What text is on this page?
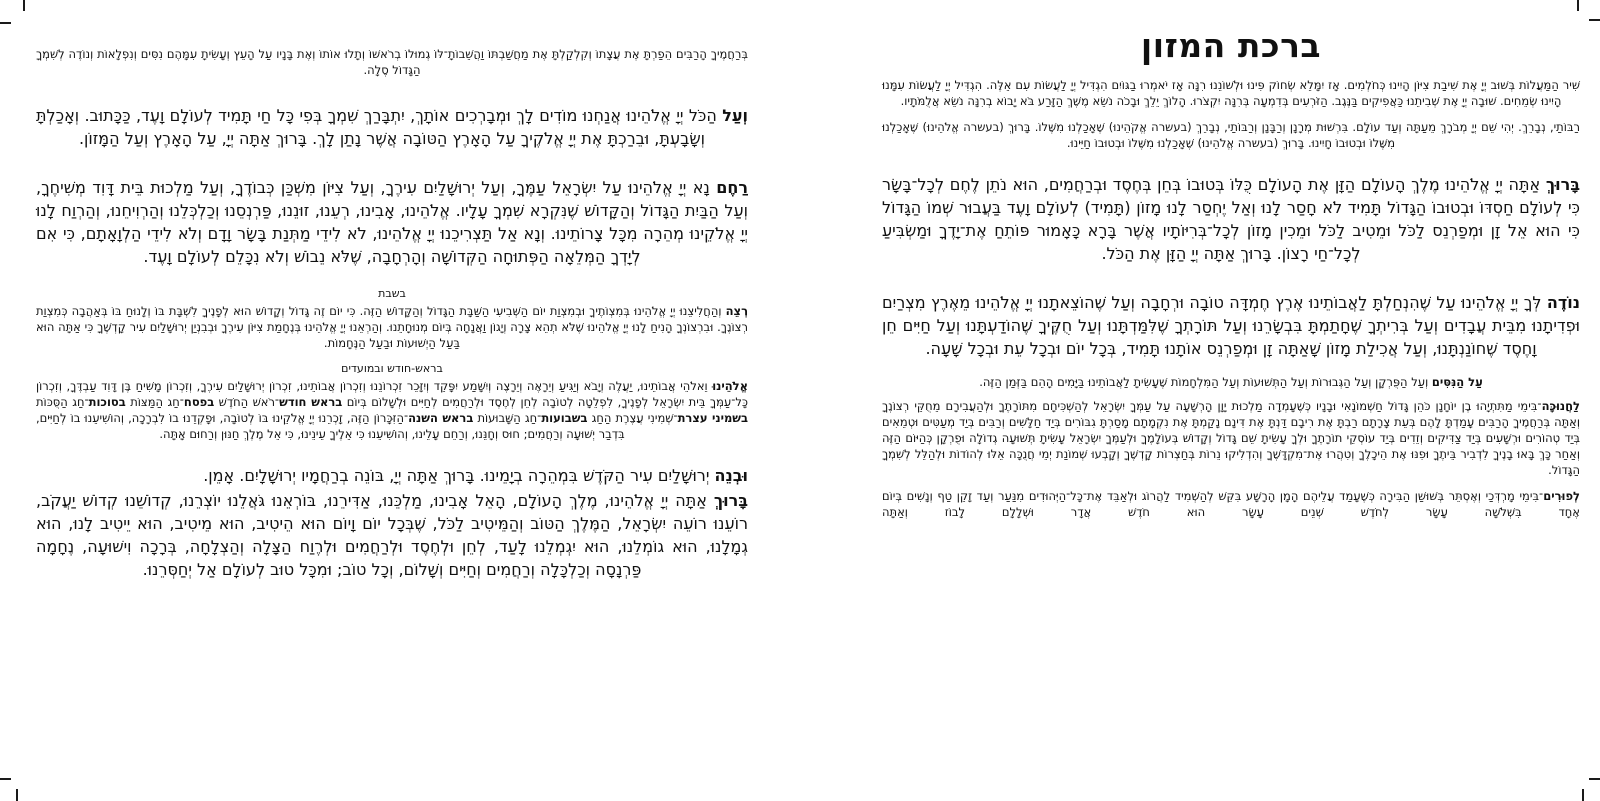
ברכת המזון

שִׁיר הַמַּעֲלוֹת בְּשׁוּב יְיָ אֶת שִׁיבַת צִיּוֹן הָיִינוּ כְּחֹלְמִים. אָז יִמָּלֵא שְׂחוֹק פִּינוּ וּלְשׁוֹנֵנוּ רִנָּה אָז יֹאמְרוּ בַגּוֹיִם הִגְדִּיל יְיָ לַעֲשׂוֹת עִם אֵלֶּה. הִגְדִּיל יְיָ לַעֲשׂוֹת עִמָּנוּ הָיִינוּ שְׂמֵחִים. שׁוּבָה יְיָ אֶת שְׁבִיתֵנוּ כַּאֲפִיקִים בַּנֶּגֶב. הַזֹּרְעִים בְּדִמְעָה בְּרִנָּה יִקְצֹרוּ. הָלוֹךְ יֵלֵךְ וּבָכֹה נֹשֵׂא מֶשֶׁךְ הַזָּרַע בֹּא יָבוֹא בְרִנָּה נֹשֵׂא אֲלֻמֹּתָיו.

רַבּוֹתַי, נְבָרֵךְ. יְהִי שֵׁם יְיָ מְבֹרָךְ מֵעַתָּה וְעַד עוֹלָם. בִּרְשׁוּת מְרָנָן וְרַבָּנָן וְרַבּוֹתַי, נְבָרֵךְ (בעשרה אֱקֹהֵינוּ) שֶׁאָכַלְנוּ מִשֶּׁלוֹ. בָּרוּךְ (בעשרה אֱלֹהֵינוּ) שֶׁאָכַלְנוּ מִשֶּׁלוֹ וּבְטוּבוֹ חָיִינוּ. בָּרוּךְ (בעשרה אֱלֹהֵינוּ) שֶׁאָכַלְנוּ מִשֶּׁלוֹ וּבְטוּבוֹ חַיֵּינוּ.

בָּרוּךְ אַתָּה יְיָ אֱלֹהֵינוּ מֶלֶךְ הָעוֹלָם הַזָּן אֶת הָעוֹלָם כֻּלּוֹ בְּטוּבוֹ בְּחֵן בְּחֶסֶד וּבְרַחֲמִים, הוּא נֹתֵן לֶחֶם לְכָל־בָּשָׂר כִּי לְעוֹלָם חַסְדּוֹ וּבְטוּבוֹ הַגָּדוֹל תָּמִיד לֹא חָסַר לָנוּ וְאַל יֶחְסַר לָנוּ מָזוֹן (תָּמִיד) לְעוֹלָם וָעֶד בַּעֲבוּר שְׁמוֹ הַגָּדוֹל כִּי הוּא אֵל זָן וּמְפַרְנֵס לַכֹּל וּמֵטִיב לַכֹּל וּמֵכִין מָזוֹן לְכָל־בְּרִיּוֹתָיו אֲשֶׁר בָּרָא כָּאָמוּר פּוֹתֵחַ אֶת־יָדֶךָ וּמַשְׂבִּיעַ לְכָל־חַי רָצוֹן. בָּרוּךְ אַתָּה יְיָ הַזָּן אֶת הַכֹּל.

נוֹדֶה לְּךָ יְיָ אֱלֹהֵינוּ עַל שֶׁהִנְחַלְתָּ לַאֲבוֹתֵינוּ אֶרֶץ חֶמְדָּה טוֹבָה וּרְחָבָה וְעַל שֶׁהוֹצֵאתָנוּ יְיָ אֱלֹהֵינוּ מֵאֶרֶץ מִצְרַיִם וּפְדִיתָנוּ מִבֵּית עֲבָדִים וְעַל בְּרִיתְךָ שֶׁחָתַמְתָּ בִּבְשָׂרֵנוּ וְעַל תּוֹרָתְךָ שֶׁלִּמַּדְתָּנוּ וְעַל חֻקֶּיךָ שֶׁהוֹדַעְתָּנוּ וְעַל חַיִּים חֵן וָחֶסֶד שֶׁחוֹנַנְתָּנוּ, וְעַל אֲכִילַת מָזוֹן שָׁאַתָּה זָן וּמְפַרְנֵס אוֹתָנוּ תָּמִיד, בְּכָל יוֹם וּבְכָל עֵת וּבְכָל שָׁעָה.

עַל הַנִּסִּים וְעַל הַפֻּרְקָן וְעַל הַגְּבוּרוֹת וְעַל הַתְּשׁוּעוֹת וְעַל הַמִּלְחָמוֹת שֶׁעָשִׂיתָ לַאֲבוֹתֵינוּ בַּיָּמִים הָהֵם בַּזְּמַן הַזֶּה.

לַחֲנוּכָּה־בִּימֵי מַתִּתְיָהוּ בֶן יוֹחָנָן כֹּהֵן גָּדוֹל חַשְׁמוֹנָאִי וּבָנָיו כְּשֶׁעָמְדָה מַלְכוּת יָוָן הָרְשָׁעָה עַל עַמְּךָ יִשְׂרָאֵל לְהַשְׁכִּיחָם מִתּוֹרָתֶךָ וּלְהַעֲבִירָם מֵחֻקֵּי רְצוֹנֶךָ וְאַתָּה בְּרַחֲמֶיךָ הָרַבִּים עָמַדְתָּ לָהֶם בְּעֵת צָרָתָם רַבְתָּ אֶת רִיבָם דַּנְתָּ אֶת דִּינָם נָקַמְתָּ אֶת נִקְמָתָם מָסַרְתָּ גִבּוֹרִים בְּיַד חַלָּשִׁים וְרַבִּים בְּיַד מְעַטִּים וּטְמֵאִים בְּיַד טְהוֹרִים וּרְשָׁעִים בְּיַד צַדִּיקִים וְזֵדִים בְּיַד עוֹסְקֵי תוֹרָתֶךָ וּלְךָ עָשִׂיתָ שֵׁם גָּדוֹל וְקָדוֹשׁ בְּעוֹלָמֶךָ וּלְעַמְּךָ יִשְׂרָאֵל עָשִׂיתָ תְּשׁוּעָה גְדוֹלָה וּפֻרְקָן כְּהַיּוֹם הַזֶּה וְאַחַר כָּךְ בָּאוּ בָנֶיךָ לִדְבִיר בֵּיתֶךָ וּפִנּוּ אֶת הֵיכָלֶךָ וְטִהֲרוּ אֶת־מִקְדָּשֶׁךָ וְהִדְלִיקוּ נֵרוֹת בְּחַצְרוֹת קָדְשֶׁךָ וְקָבְעוּ שְׁמוֹנַת יְמֵי חֲנֻכָּה אֵלּוּ לְהוֹדוֹת וּלְהַלֵּל לְשִׁמְךָ הַגָּדוֹל.

לְפוּרִים־בִּימֵי מָרְדְּכַי וְאֶסְתֵּר בְּשׁוּשַׁן הַבִּירָה כְּשֶׁעָמַד עֲלֵיהֶם הָמָן הָרָשָׁע בִּקֵּשׁ לְהַשְׁמִיד לַהֲרוֹג וּלְאַבֵּד אֶת־כָּל־הַיְּהוּדִים מִנַּעַר וְעַד זָקֵן טַף וְנָשִׁים בְּיוֹם אֶחָד בִּשְׁלֹשָׁה עָשָׂר לְחֹדֶשׁ שְׁנֵים עָשָׂר הוּא חֹדֶשׁ אֲדָר וּשְׁלָלָם לָבוֹז וְאַתָּה

בְּרַחֲמֶיךָ הָרַבִּים הֵפַרְתָּ אֶת עֲצָתוֹ וְקִלְקַלְתָּ אֶת מַחֲשַׁבְתּוֹ וַהֲשֵׁבוֹתָ־לּוֹ גְמוּלוֹ בְרֹאשׁוֹ וְתָלוּ אוֹתוֹ וְאֶת בָּנָיו עַל הָעֵץ וְעָשִׂיתָ עִמָּהֶם נִסִּים וְנִפְלָאוֹת וְנוֹדֶה לְשִׁמְךָ הַגָּדוֹל סֶלָה.

וְעַל הַכֹּל יְיָ אֱלֹהֵינוּ אֲנַחְנוּ מוֹדִים לָךְ וּמְבָרְכִים אוֹתָךְ, יִתְבָּרַךְ שִׁמְךָ בְּפִי כָּל חַי תָּמִיד לְעוֹלָם וָעֶד, כַּכָּתוּב. וְאָכַלְתָּ וְשָׂבָעְתָּ, וּבֵרַכְתָּ אֶת יְיָ אֱלֹקֶיךָ עַל הָאָרֶץ הַטּוֹבָה אֲשֶׁר נָתַן לָךְ. בָּרוּךְ אַתָּה יְיָ, עַל הָאָרֶץ וְעַל הַמָּזוֹן.

רַחֶם נָא יְיָ אֱלֹהֵינוּ עַל יִשְׂרָאֵל עַמֶּךָ, וְעַל יְרוּשָׁלַיִם עִירֶךָ, וְעַל צִיּוֹן מִשְׁכַּן כְּבוֹדֶךָ, וְעַל מַלְכוּת בֵּית דָּוִד מְשִׁיחֶךָ, וְעַל הַבַּיִת הַגָּדוֹל וְהַקָּדוֹשׁ שֶׁנִּקְרָא שִׁמְךָ עָלָיו. אֱלֹהֵינוּ, אָבִינוּ, רְעֵנוּ, זוּנֵנוּ, פַּרְנְסֵנוּ וְכַלְכְּלֵנוּ וְהַרְוִיחֵנוּ, וְהַרְוַח לָנוּ יְיָ אֱלֹקֵינוּ מְהֵרָה מִכָּל צָרוֹתֵינוּ. וְנָא אַל תַּצְרִיכֵנוּ יְיָ אֱלֹהֵינוּ, לֹא לִידֵי מַתְּנַת בָּשָׂר וָדָם וְלֹא לִידֵי הַלְוָאָתָם, כִּי אִם לְיָדְךָ הַמְּלֵאָה הַפְּתוּחָה הַקְּדוֹשָׁה וְהָרְחָבָה, שֶׁלֹּא נֵבוֹשׁ וְלֹא נִכָּלֵם לְעוֹלָם וָעֶד.

בשבת

רְצֵה וְהַחֲלִיצֵנוּ יְיָ אֱלֹהֵינוּ בְּמִצְוֹתֶיךָ וּבְמִצְוַת יוֹם הַשְּׁבִיעִי הַשַּׁבָּת הַגָּדוֹל וְהַקָּדוֹשׁ הַזֶּה. כִּי יוֹם זֶה גָּדוֹל וְקָדוֹשׁ הוּא לְפָנֶיךָ לִשְׁבָּת בּוֹ וְלָנוּחַ בּוֹ בְּאַהֲבָה כְּמִצְוַת רְצוֹנֶךָ. וּבִרְצוֹנְךָ הָנִיחַ לָנוּ יְיָ אֱלֹהֵינוּ שֶׁלֹּא תְהֵא צָרָה וְיָגוֹן וַאֲנָחָה בְּיוֹם מְנוּחָתֵנוּ. וְהַרְאֵנוּ יְיָ אֱלֹהֵינוּ בְּנֶחָמַת צִיּוֹן עִירֶךָ וּבְבִנְיַן יְרוּשָׁלַיִם עִיר קָדְשֶׁךָ כִּי אַתָּה הוּא בַּעַל הַיְשׁוּעוֹת וּבַעַל הַנֶּחָמוֹת.

בראש-חודש ובמועדים

אֱלֹהֵינוּ וֵאלֹהֵי אֲבוֹתֵינוּ, יַעֲלֶה וְיָבֹא וְיַגִּיעַ וְיֵרָאֶה וְיֵרָצֶה וְיִשָּׁמַע יִפָּקֵד וְיִזָּכֵר זִכְרוֹנֵנוּ וְזִכְרוֹן אֲבוֹתֵינוּ, זִכְרוֹן יְרוּשָׁלַיִם עִירֶךָ, וְזִכְרוֹן מָשִׁיחַ בֶּן דָּוִד עַבְדֶּךָ, וְזִכְרוֹן כָּל־עַמְּךָ בֵּית יִשְׂרָאֵל לְפָנֶיךָ, לִפְלֵטָה לְטוֹבָה לְחֵן לְחֶסֶד וּלְרַחֲמִים לְחַיִּים וּלְשָׁלוֹם בְּיוֹם בראש חודש־רֹאשׁ הַחֹדֶשׁ בפסח־חַג הַמַּצּוֹת בסוכות־חַג הַסֻּכּוֹת בשמיני עצרת־שְׁמִינִי עֲצֶרֶת הַחַג בשבועות־חַג הַשָּׁבוּעוֹת בראש השנה־הַזִּכָּרוֹן הַזֶּה, זָכְרֵנוּ יְיָ אֱלֹקֵינוּ בּוֹ לְטוֹבָה, וּפָקְדֵנוּ בוֹ לִבְרָכָה, וְהוֹשִׁיעֵנוּ בוֹ לְחַיִּים, בִּדְבַר יְשׁוּעָה וְרַחֲמִים; חוּס וְחָנֵּנוּ, וְרַחֵם עָלֵינוּ, וְהוֹשִׁיעֵנוּ כִּי אֵלֶיךָ עֵינֵינוּ, כִּי אֵל מֶלֶךְ חַנּוּן וְרַחוּם אָתָּה.

וּבְנֵה יְרוּשָׁלַיִם עִיר הַקֹּדֶשׁ בִּמְהֵרָה בְיָמֵינוּ. בָּרוּךְ אַתָּה יְיָ, בּוֹנֵה בְרַחֲמָיו יְרוּשָׁלָיִם. אָמֵן.

בָּרוּךְ אַתָּה יְיָ אֱלֹהֵינוּ, מֶלֶךְ הָעוֹלָם, הָאֵל אָבִינוּ, מַלְכֵּנוּ, אַדִּירֵנוּ, בּוֹרְאֵנוּ גֹּאֲלֵנוּ יוֹצְרֵנוּ, קְדוֹשֵׁנוּ קְדוֹשׁ יַעֲקֹב, רוֹעֵנוּ רוֹעֵה יִשְׂרָאֵל, הַמֶּלֶךְ הַטּוֹב וְהַמֵּיטִיב לַכֹּל, שֶׁבְּכָל יוֹם וָיוֹם הוּא הֵיטִיב, הוּא מֵיטִיב, הוּא יֵיטִיב לָנוּ, הוּא גְמָלָנוּ, הוּא גוֹמְלֵנוּ, הוּא יִגְמְלֵנוּ לָעַד, לְחֵן וּלְחֶסֶד וּלְרַחֲמִים וּלְרֶוַח הַצָּלָה וְהַצְלָחָה, בְּרָכָה וִישׁוּעָה, נֶחָמָה פַּרְנָסָה וְכַלְכָּלָה וְרַחֲמִים וְחַיִּים וְשָׁלוֹם, וְכָל טוֹב; וּמִכָּל טוּב לְעוֹלָם אַל יְחַסְּרֵנוּ.
